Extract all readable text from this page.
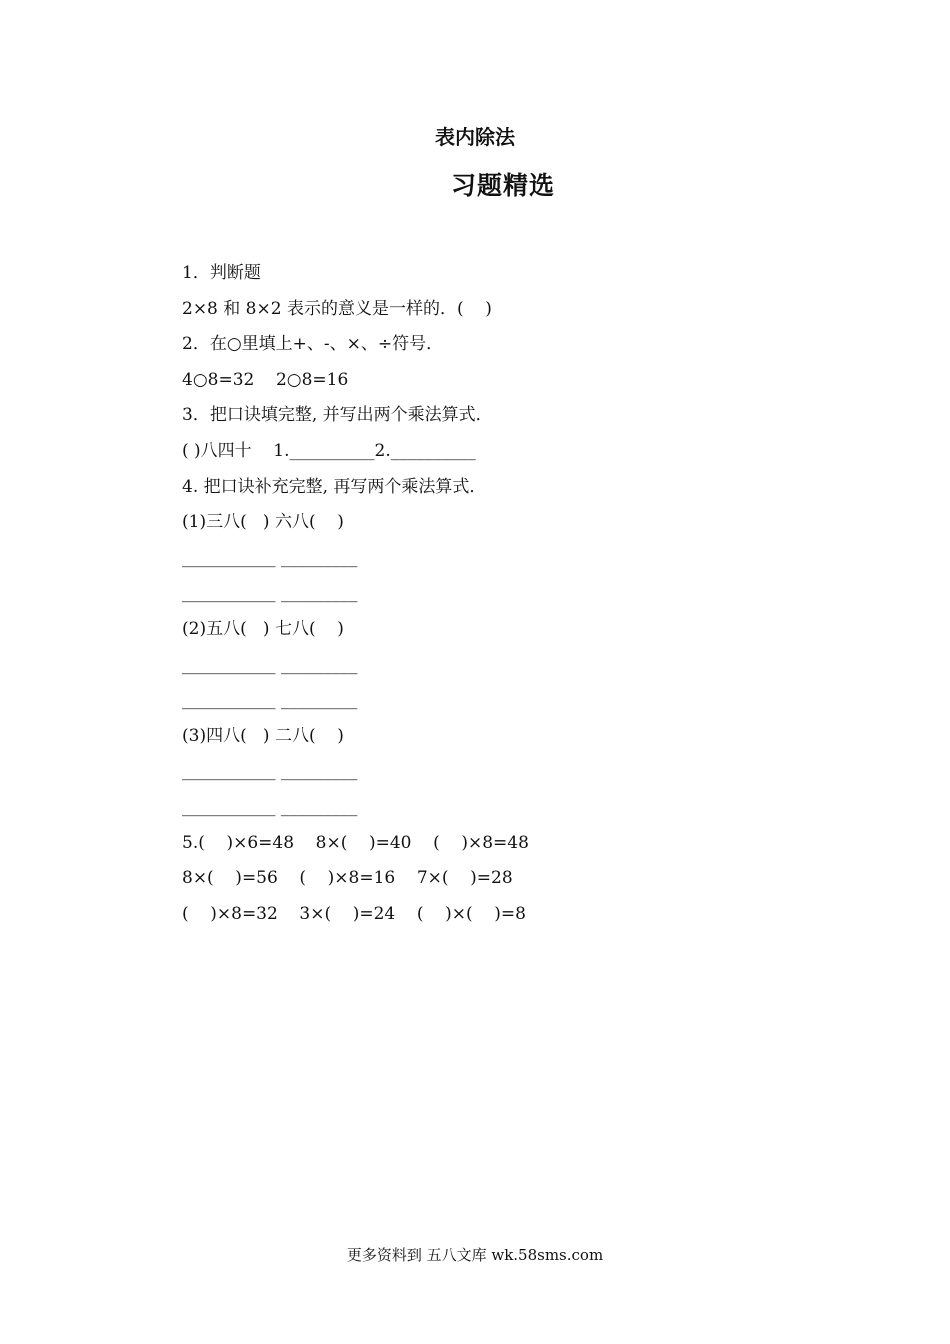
表内除法
习题精选
1．判断题
2×8 和 8×2 表示的意义是一样的．(    )
2．在○里填上+、-、×、÷符号．
4○8=32    2○8=16
3．把口诀填完整, 并写出两个乘法算式．
( )八四十    1.__________2.__________
4. 把口诀补充完整, 再写两个乘法算式．
(1)三八(   ) 六八(    )
___________ _________
___________ _________
(2)五八(   ) 七八(    )
___________ _________
___________ _________
(3)四八(   ) 二八(    )
___________ _________
___________ _________
5.(    )×6=48    8×(    )=40    (    )×8=48
8×(    )=56    (    )×8=16    7×(    )=28
(    )×8=32    3×(    )=24    (    )×(    )=8
更多资料到 五八文库 wk.58sms.com
